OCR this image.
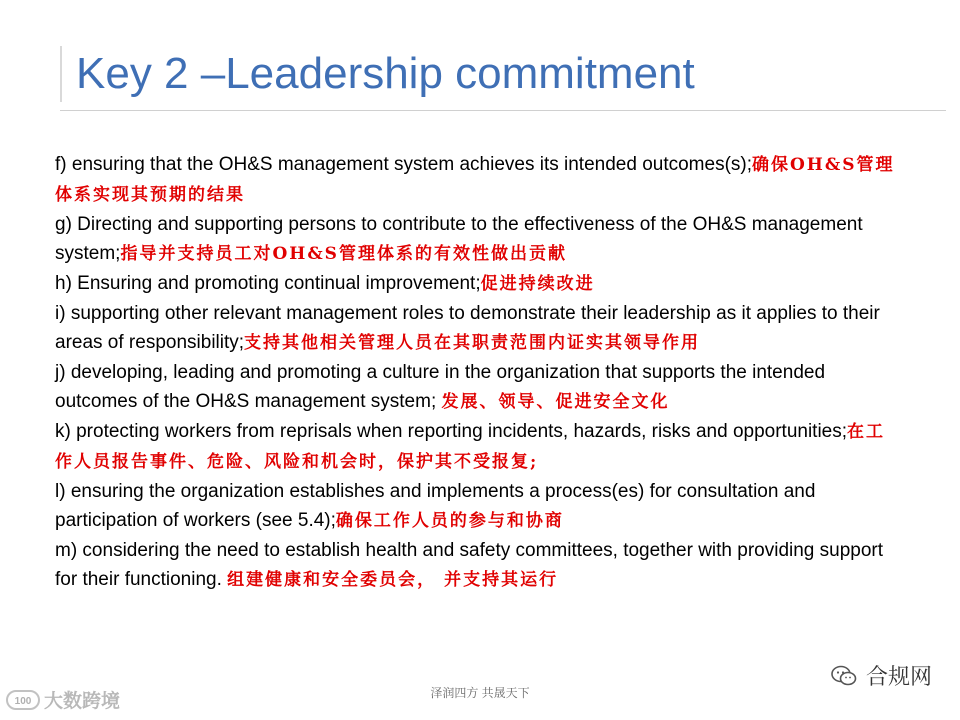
Key 2 –Leadership commitment

f) ensuring that the OH&S management system achieves its intended outcomes(s);确保OH&S管理体系实现其预期的结果

g) Directing and supporting persons to contribute to the effectiveness of the OH&S management system;指导并支持员工对OH&S管理体系的有效性做出贡献

h) Ensuring and promoting continual improvement;促进持续改进

i) supporting other relevant management roles to demonstrate their leadership as it applies to their areas of responsibility;支持其他相关管理人员在其职责范围内证实其领导作用

j) developing, leading and promoting a culture in the organization that supports the intended outcomes of the OH&S management system; 发展、领导、促进安全文化

k) protecting workers from reprisals when reporting incidents, hazards, risks and opportunities;在工作人员报告事件、危险、风险和机会时，保护其不受报复;

l) ensuring the organization establishes and implements a process(es) for consultation and participation of workers (see 5.4);确保工作人员的参与和协商

m) considering the need to establish health and safety committees, together with providing support for their functioning. 组建健康和安全委员会， 并支持其运行

泽润四方 共晟天下
100 大数跨境
合规网
